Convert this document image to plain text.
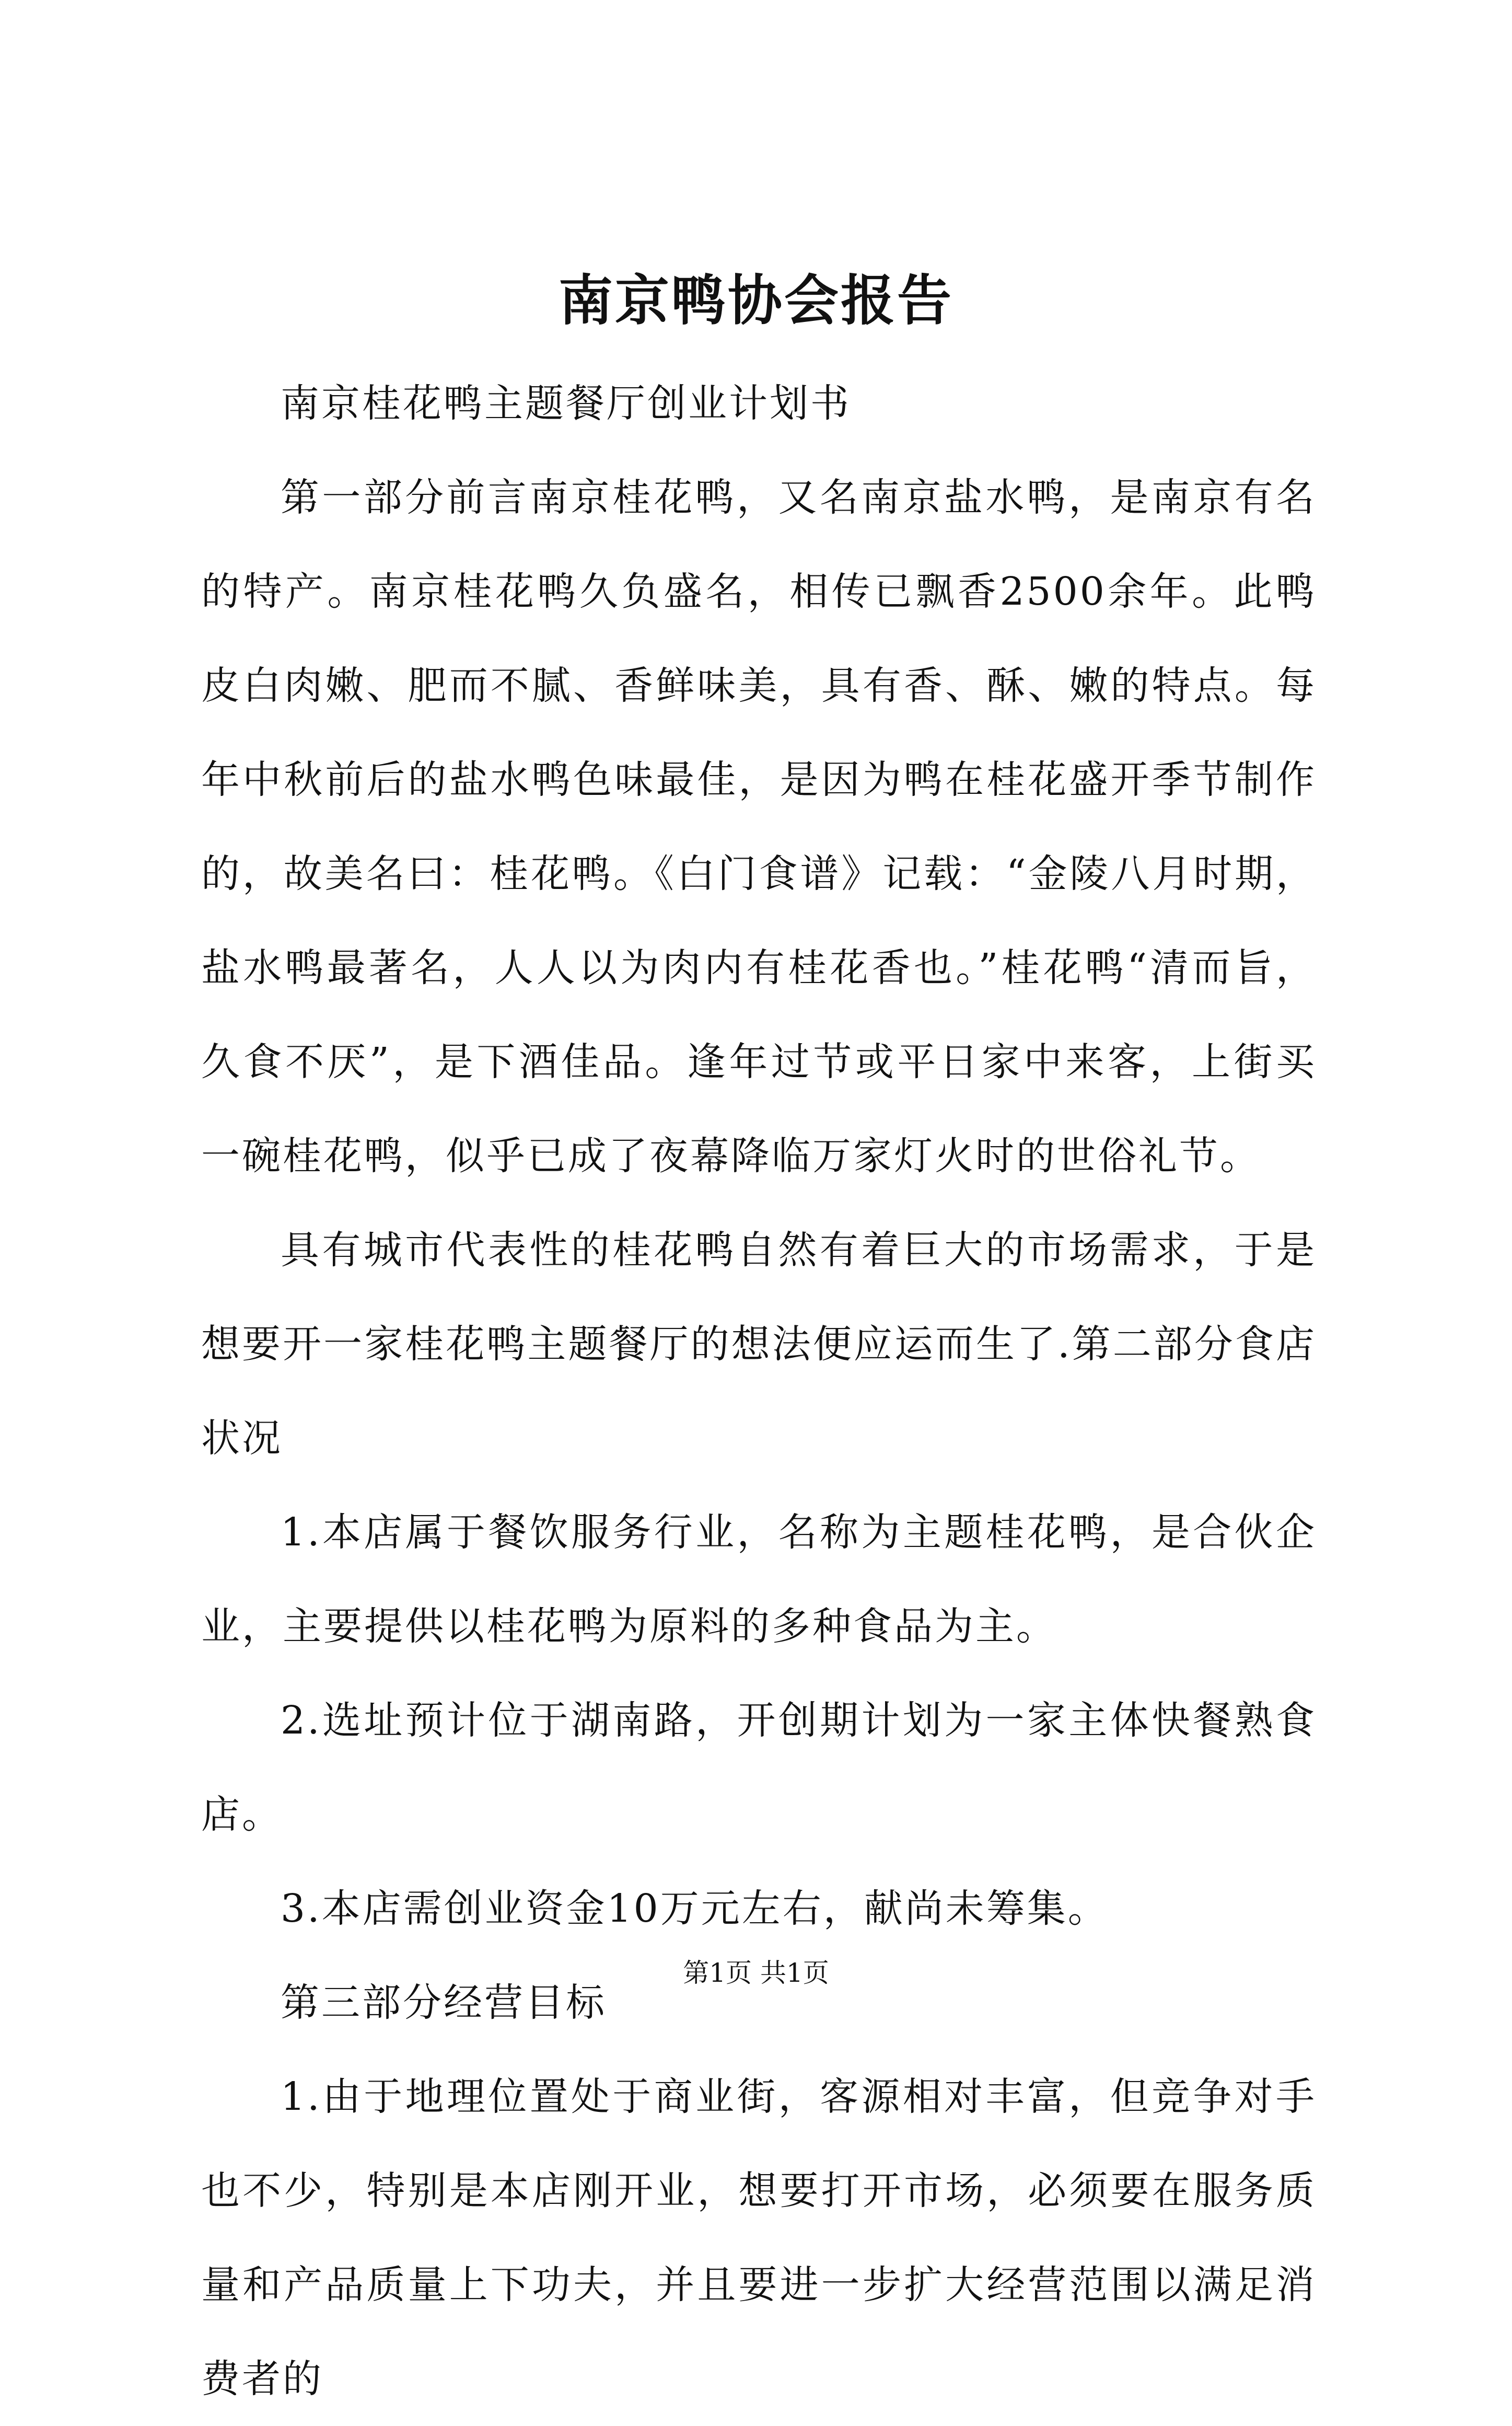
南京鸭协会报告

南京桂花鸭主题餐厅创业计划书

第一部分前言南京桂花鸭，又名南京盐水鸭，是南京有名的特产。南京桂花鸭久负盛名，相传已飘香2500余年。此鸭皮白肉嫩、肥而不腻、香鲜味美，具有香、酥、嫩的特点。每年中秋前后的盐水鸭色味最佳，是因为鸭在桂花盛开季节制作的，故美名曰：桂花鸭。《白门食谱》记载：“金陵八月时期，盐水鸭最著名，人人以为肉内有桂花香也。”桂花鸭“清而旨，久食不厌”，是下酒佳品。逢年过节或平日家中来客，上街买一碗桂花鸭，似乎已成了夜幕降临万家灯火时的世俗礼节。

具有城市代表性的桂花鸭自然有着巨大的市场需求，于是想要开一家桂花鸭主题餐厅的想法便应运而生了.第二部分食店状况

1.本店属于餐饮服务行业，名称为主题桂花鸭，是合伙企业，主要提供以桂花鸭为原料的多种食品为主。

2.选址预计位于湖南路，开创期计划为一家主体快餐熟食店。

3.本店需创业资金10万元左右，献尚未筹集。

第三部分经营目标

1.由于地理位置处于商业街，客源相对丰富，但竞争对手也不少，特别是本店刚开业，想要打开市场，必须要在服务质量和产品质量上下功夫，并且要进一步扩大经营范围以满足消费者的

第1页 共1页
